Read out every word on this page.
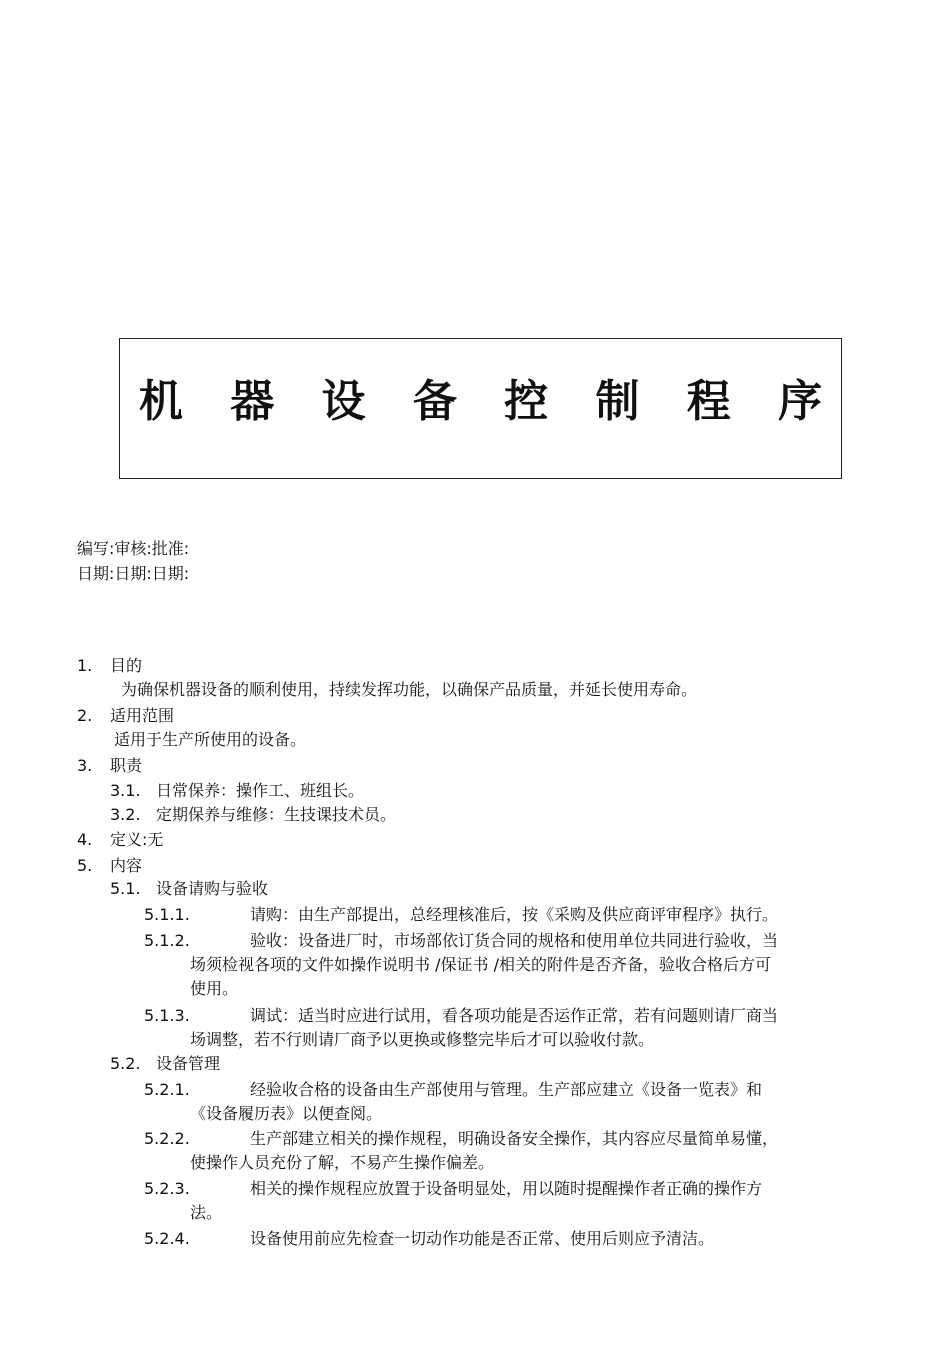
机 器 设 备 控 制 程 序
编写:审核:批准:
日期:日期:日期:
1. 目的
为确保机器设备的顺利使用，持续发挥功能，以确保产品质量，并延长使用寿命。
2. 适用范围
适用于生产所使用的设备。
3. 职责
3.1. 日常保养：操作工、班组长。
3.2. 定期保养与维修：生技课技术员。
4. 定义:无
5. 内容
5.1. 设备请购与验收
5.1.1.	请购：由生产部提出，总经理核准后，按《采购及供应商评审程序》执行。
5.1.2.	验收：设备进厂时，市场部依订货合同的规格和使用单位共同进行验收，当
场须检视各项的文件如操作说明书 /保证书 /相关的附件是否齐备，验收合格后方可
使用。
5.1.3.	调试：适当时应进行试用，看各项功能是否运作正常，若有问题则请厂商当
场调整，若不行则请厂商予以更换或修整完毕后才可以验收付款。
5.2. 设备管理
5.2.1.	经验收合格的设备由生产部使用与管理。生产部应建立《设备一览表》和
《设备履历表》以便查阅。
5.2.2.	生产部建立相关的操作规程，明确设备安全操作，其内容应尽量简单易懂，
使操作人员充份了解，不易产生操作偏差。
5.2.3.	相关的操作规程应放置于设备明显处，用以随时提醒操作者正确的操作方
法。
5.2.4.	设备使用前应先检查一切动作功能是否正常、使用后则应予清洁。
